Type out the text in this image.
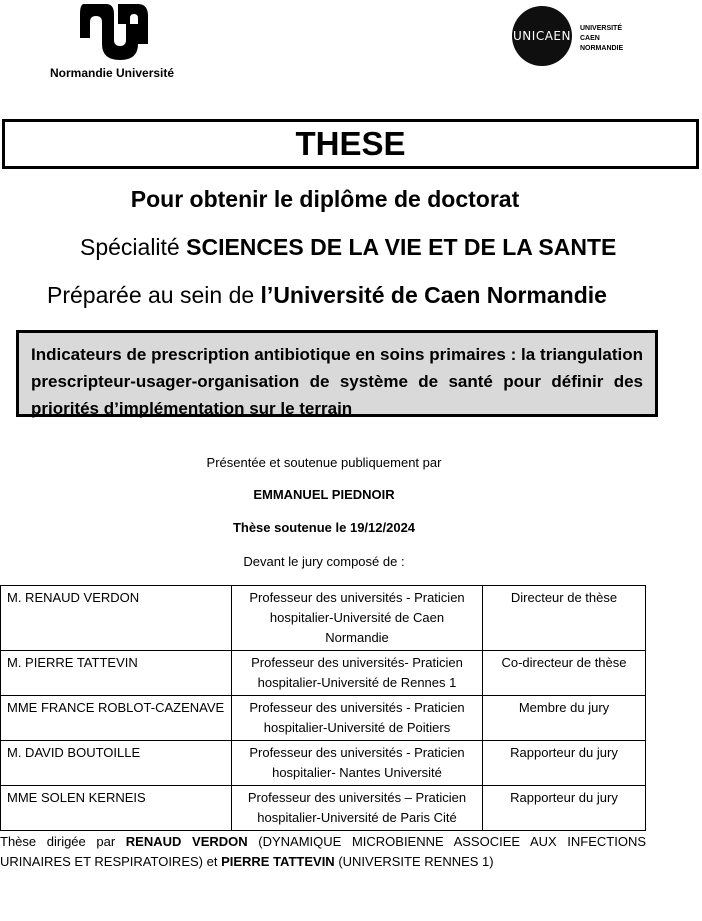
Normandie Université
UNICAEN
UNIVERSITÉ
CAEN
NORMANDIE
THESE
Pour obtenir le diplôme de doctorat
Spécialité SCIENCES DE LA VIE ET DE LA SANTE
Préparée au sein de l’Université de Caen Normandie
Indicateurs de prescription antibiotique en soins primaires : la triangulation prescripteur-usager-organisation de système de santé pour définir des priorités d’implémentation sur le terrain
Présentée et soutenue publiquement par
EMMANUEL PIEDNOIR
Thèse soutenue le 19/12/2024
Devant le jury composé de :
M. RENAUD VERDON	Professeur des universités - Praticien hospitalier-Université de Caen Normandie	Directeur de thèse
M. PIERRE TATTEVIN	Professeur des universités- Praticien hospitalier-Université de Rennes 1	Co-directeur de thèse
MME FRANCE ROBLOT-CAZENAVE	Professeur des universités - Praticien hospitalier-Université de Poitiers	Membre du jury
M. DAVID BOUTOILLE	Professeur des universités - Praticien hospitalier- Nantes Université	Rapporteur du jury
MME SOLEN KERNEIS	Professeur des universités – Praticien hospitalier-Université de Paris Cité	Rapporteur du jury
Thèse dirigée par RENAUD VERDON (DYNAMIQUE MICROBIENNE ASSOCIEE AUX INFECTIONS URINAIRES ET RESPIRATOIRES) et PIERRE TATTEVIN (UNIVERSITE RENNES 1)
